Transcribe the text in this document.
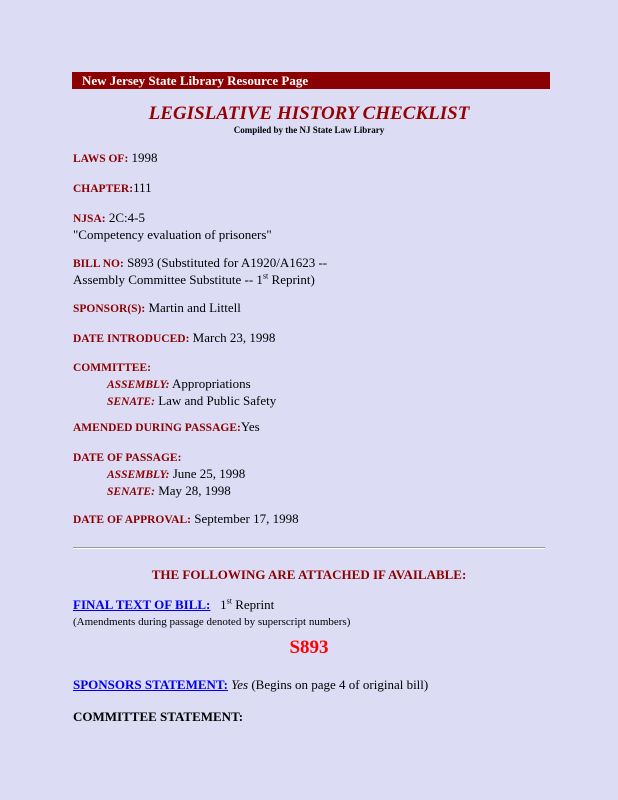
New Jersey State Library Resource Page
LEGISLATIVE HISTORY CHECKLIST
Compiled by the NJ State Law Library
LAWS OF: 1998
CHAPTER:111
NJSA: 2C:4-5
"Competency evaluation of prisoners"
BILL NO: S893 (Substituted for A1920/A1623 --
Assembly Committee Substitute -- 1st Reprint)
SPONSOR(S): Martin and Littell
DATE INTRODUCED: March 23, 1998
COMMITTEE:
ASSEMBLY: Appropriations
SENATE: Law and Public Safety
AMENDED DURING PASSAGE:Yes
DATE OF PASSAGE:
ASSEMBLY: June 25, 1998
SENATE: May 28, 1998
DATE OF APPROVAL: September 17, 1998
THE FOLLOWING ARE ATTACHED IF AVAILABLE:
FINAL TEXT OF BILL: 1st Reprint
(Amendments during passage denoted by superscript numbers)
S893
SPONSORS STATEMENT: Yes (Begins on page 4 of original bill)
COMMITTEE STATEMENT:
